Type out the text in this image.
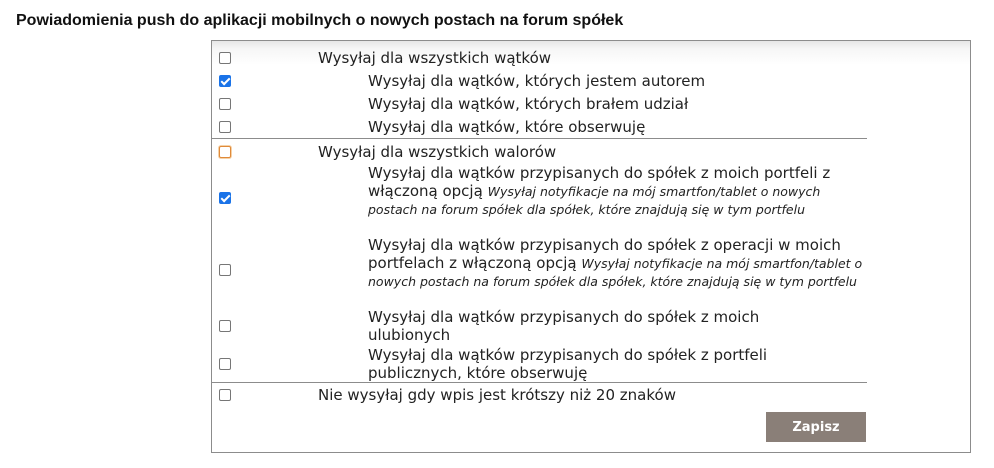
Powiadomienia push do aplikacji mobilnych o nowych postach na forum spółek
Wysyłaj dla wszystkich wątków
Wysyłaj dla wątków, których jestem autorem
Wysyłaj dla wątków, których brałem udział
Wysyłaj dla wątków, które obserwuję
Wysyłaj dla wszystkich walorów
Wysyłaj dla wątków przypisanych do spółek z moich portfeli z włączoną opcją Wysyłaj notyfikacje na mój smartfon/tablet o nowych postach na forum spółek dla spółek, które znajdują się w tym portfelu
Wysyłaj dla wątków przypisanych do spółek z operacji w moich portfelach z włączoną opcją Wysyłaj notyfikacje na mój smartfon/tablet o nowych postach na forum spółek dla spółek, które znajdują się w tym portfelu
Wysyłaj dla wątków przypisanych do spółek z moich ulubionych
Wysyłaj dla wątków przypisanych do spółek z portfeli publicznych, które obserwuję
Nie wysyłaj gdy wpis jest krótszy niż 20 znaków
Zapisz
